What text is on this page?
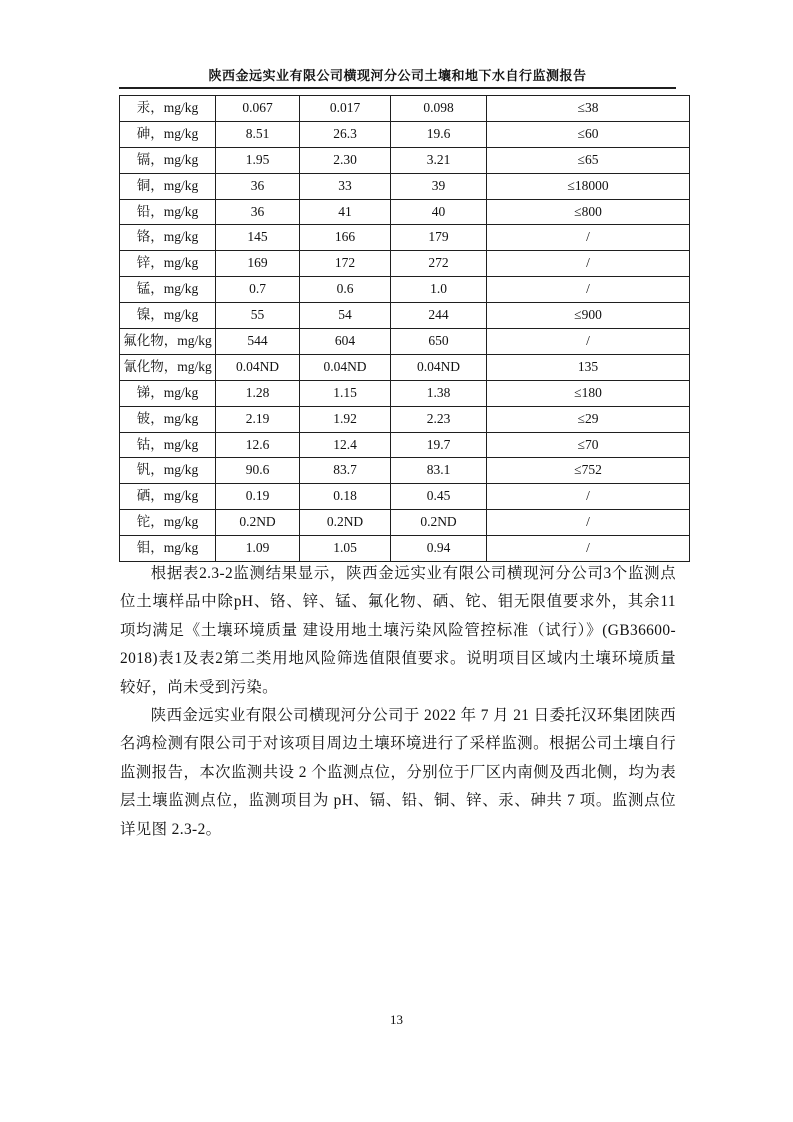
陕西金远实业有限公司横现河分公司土壤和地下水自行监测报告
汞，mg/kg	0.067	0.017	0.098	≤38
砷，mg/kg	8.51	26.3	19.6	≤60
镉，mg/kg	1.95	2.30	3.21	≤65
铜，mg/kg	36	33	39	≤18000
铅，mg/kg	36	41	40	≤800
铬，mg/kg	145	166	179	/
锌，mg/kg	169	172	272	/
锰，mg/kg	0.7	0.6	1.0	/
镍，mg/kg	55	54	244	≤900
氟化物，mg/kg	544	604	650	/
氰化物，mg/kg	0.04ND	0.04ND	0.04ND	135
锑，mg/kg	1.28	1.15	1.38	≤180
铍，mg/kg	2.19	1.92	2.23	≤29
钴，mg/kg	12.6	12.4	19.7	≤70
钒，mg/kg	90.6	83.7	83.1	≤752
硒，mg/kg	0.19	0.18	0.45	/
铊，mg/kg	0.2ND	0.2ND	0.2ND	/
钼，mg/kg	1.09	1.05	0.94	/

根据表2.3-2监测结果显示，陕西金远实业有限公司横现河分公司3个监测点位土壤样品中除pH、铬、锌、锰、氟化物、硒、铊、钼无限值要求外，其余11项均满足《土壤环境质量 建设用地土壤污染风险管控标准（试行）》(GB36600-2018)表1及表2第二类用地风险筛选值限值要求。说明项目区域内土壤环境质量较好，尚未受到污染。

陕西金远实业有限公司横现河分公司于 2022 年 7 月 21 日委托汉环集团陕西名鸿检测有限公司于对该项目周边土壤环境进行了采样监测。根据公司土壤自行监测报告，本次监测共设 2 个监测点位，分别位于厂区内南侧及西北侧，均为表层土壤监测点位，监测项目为 pH、镉、铅、铜、锌、汞、砷共 7 项。监测点位详见图 2.3-2。

13
